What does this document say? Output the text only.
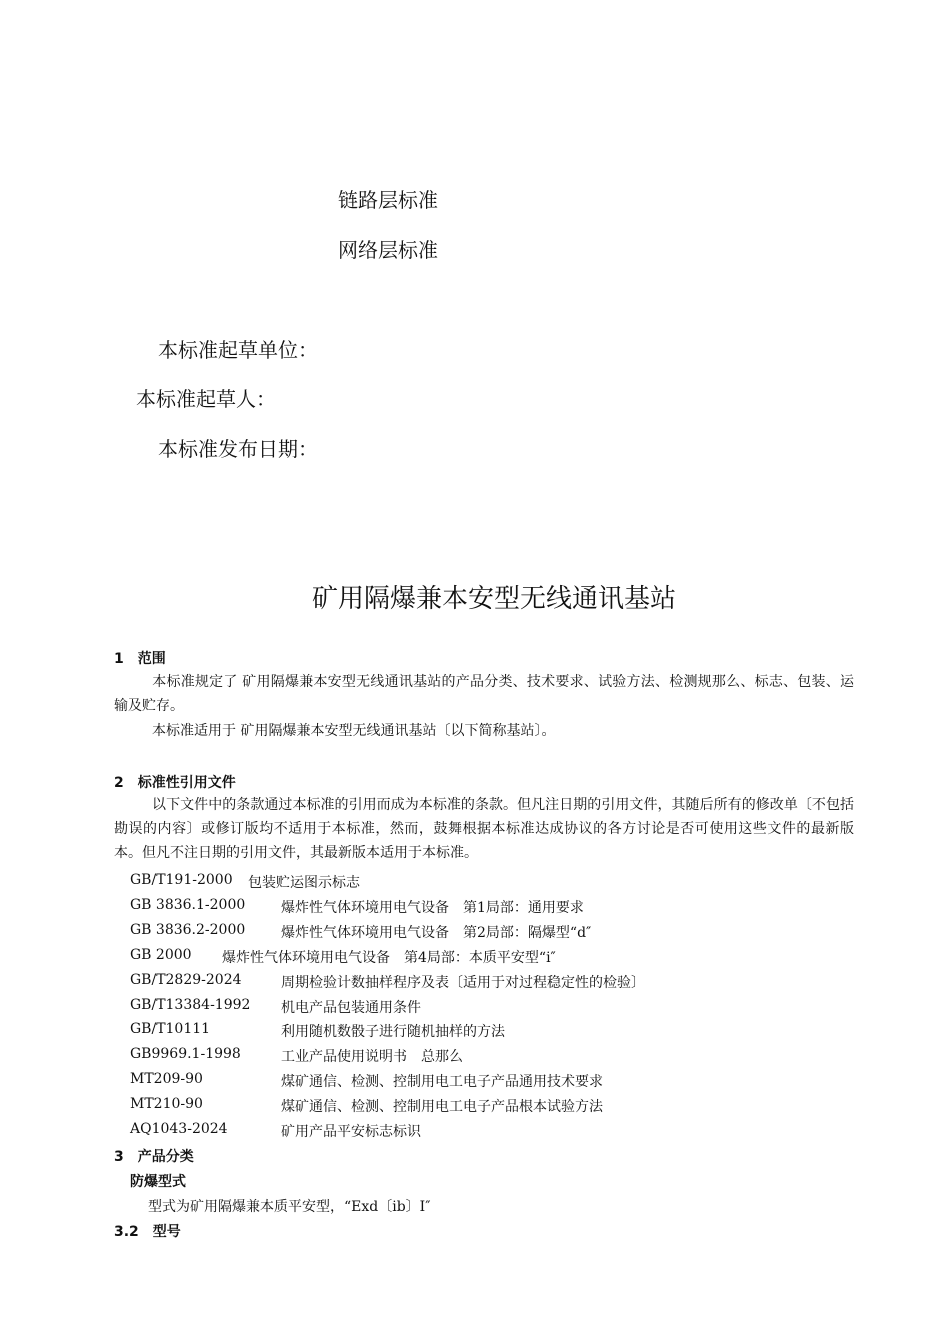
链路层标准
网络层标准
本标准起草单位：
本标准起草人：
本标准发布日期：
矿用隔爆兼本安型无线通讯基站
1　范围
本标准规定了 矿用隔爆兼本安型无线通讯基站的产品分类、技术要求、试验方法、检测规那么、标志、包装、运输及贮存。
本标准适用于 矿用隔爆兼本安型无线通讯基站〔以下简称基站〕。
2　标准性引用文件
以下文件中的条款通过本标准的引用而成为本标准的条款。但凡注日期的引用文件，其随后所有的修改单〔不包括勘误的内容〕或修订版均不适用于本标准，然而，鼓舞根据本标准达成协议的各方讨论是否可使用这些文件的最新版本。但凡不注日期的引用文件，其最新版本适用于本标准。
GB/T191-2000 包装贮运图示标志
GB 3836.1-2000	爆炸性气体环境用电气设备　第1局部：通用要求
GB 3836.2-2000	爆炸性气体环境用电气设备　第2局部：隔爆型“d″
GB 2000 爆炸性气体环境用电气设备　第4局部：本质平安型“i″
GB/T2829-2024	周期检验计数抽样程序及表〔适用于对过程稳定性的检验〕
GB/T13384-1992 机电产品包装通用条件
GB/T10111	利用随机数骰子进行随机抽样的方法
GB9969.1-1998	工业产品使用说明书　总那么
MT209-90	煤矿通信、检测、控制用电工电子产品通用技术要求
MT210-90	煤矿通信、检测、控制用电工电子产品根本试验方法
AQ1043-2024	矿用产品平安标志标识
3　产品分类
防爆型式
型式为矿用隔爆兼本质平安型，“Exd〔ib〕I″
3.2　型号
